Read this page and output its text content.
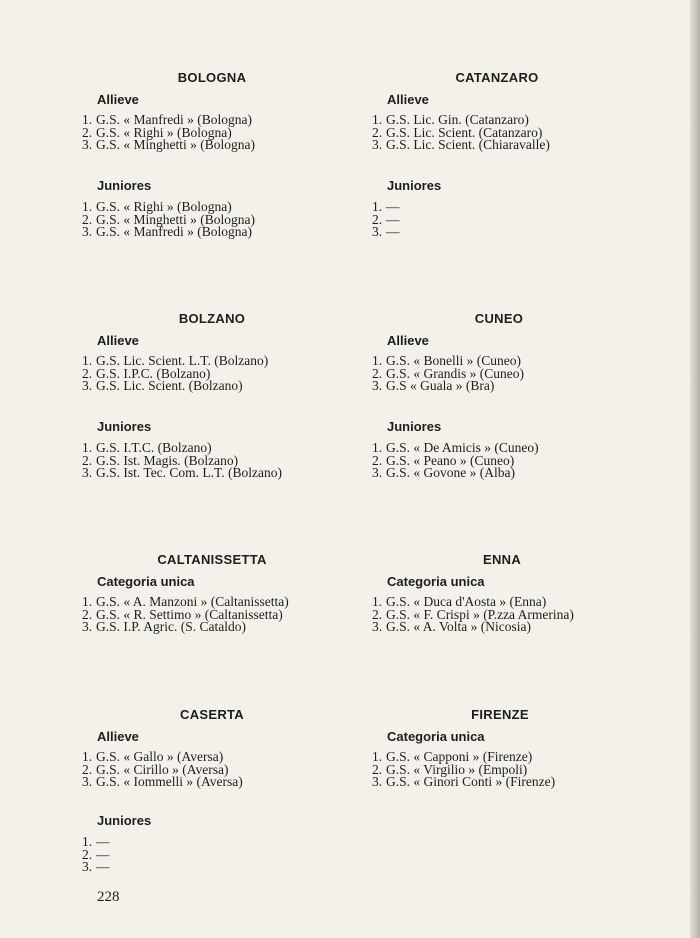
BOLOGNA
Allieve
1. G.S. « Manfredi » (Bologna)
2. G.S. « Righi » (Bologna)
3. G.S. « Minghetti » (Bologna)
Juniores
1. G.S. « Righi » (Bologna)
2. G.S. « Minghetti » (Bologna)
3. G.S. « Manfredi » (Bologna)
CATANZARO
Allieve
1. G.S. Lic. Gin. (Catanzaro)
2. G.S. Lic. Scient. (Catanzaro)
3. G.S. Lic. Scient. (Chiaravalle)
Juniores
1. —
2. —
3. —
BOLZANO
Allieve
1. G.S. Lic. Scient. L.T. (Bolzano)
2. G.S. I.P.C. (Bolzano)
3. G.S. Lic. Scient. (Bolzano)
Juniores
1. G.S. I.T.C. (Bolzano)
2. G.S. Ist. Magis. (Bolzano)
3. G.S. Ist. Tec. Com. L.T. (Bolzano)
CUNEO
Allieve
1. G.S. « Bonelli » (Cuneo)
2. G.S. « Grandis » (Cuneo)
3. G.S « Guala » (Bra)
Juniores
1. G.S. « De Amicis » (Cuneo)
2. G.S. « Peano » (Cuneo)
3. G.S. « Govone » (Alba)
CALTANISSETTA
Categoria unica
1. G.S. « A. Manzoni » (Caltanissetta)
2. G.S. « R. Settimo » (Caltanissetta)
3. G.S. I.P. Agric. (S. Cataldo)
ENNA
Categoria unica
1. G.S. « Duca d'Aosta » (Enna)
2. G.S. « F. Crispi » (P.zza Armerina)
3. G.S. « A. Volta » (Nicosia)
CASERTA
Allieve
1. G.S. « Gallo » (Aversa)
2. G.S. « Cirillo » (Aversa)
3. G.S. « Iommelli » (Aversa)
Juniores
1. —
2. —
3. —
FIRENZE
Categoria unica
1. G.S. « Capponi » (Firenze)
2. G.S. « Virgilio » (Empoli)
3. G.S. « Ginori Conti » (Firenze)
228
